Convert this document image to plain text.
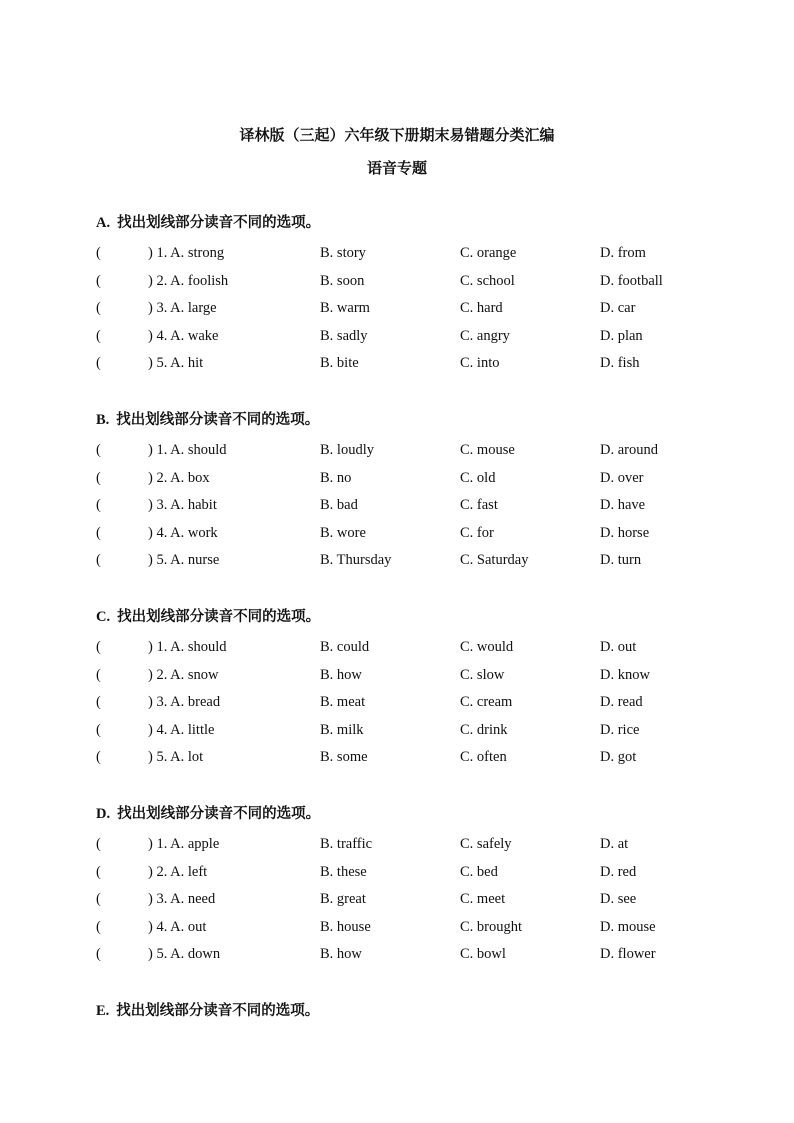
译林版（三起）六年级下册期末易错题分类汇编
语音专题
A. 找出划线部分读音不同的选项。
(	) 1. A. strong	B. story	C. orange	D. from
(	) 2. A. foolish	B. soon	C. school	D. football
(	) 3. A. large	B. warm	C. hard	D. car
(	) 4. A. wake	B. sadly	C. angry	D. plan
(	) 5. A. hit	B. bite	C. into	D. fish
B. 找出划线部分读音不同的选项。
(	) 1. A. should	B. loudly	C. mouse	D. around
(	) 2. A. box	B. no	C. old	D. over
(	) 3. A. habit	B. bad	C. fast	D. have
(	) 4. A. work	B. wore	C. for	D. horse
(	) 5. A. nurse	B. Thursday	C. Saturday	D. turn
C. 找出划线部分读音不同的选项。
(	) 1. A. should	B. could	C. would	D. out
(	) 2. A. snow	B. how	C. slow	D. know
(	) 3. A. bread	B. meat	C. cream	D. read
(	) 4. A. little	B. milk	C. drink	D. rice
(	) 5. A. lot	B. some	C. often	D. got
D. 找出划线部分读音不同的选项。
(	) 1. A. apple	B. traffic	C. safely	D. at
(	) 2. A. left	B. these	C. bed	D. red
(	) 3. A. need	B. great	C. meet	D. see
(	) 4. A. out	B. house	C. brought	D. mouse
(	) 5. A. down	B. how	C. bowl	D. flower
E. 找出划线部分读音不同的选项。
